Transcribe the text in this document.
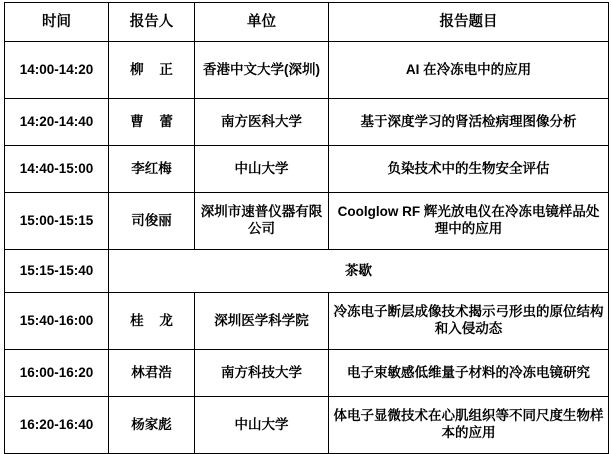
时间	报告人	单位	报告题目
14:00-14:20	柳 正	香港中文大学(深圳)	AI 在冷冻电中的应用
14:20-14:40	曹 蕾	南方医科大学	基于深度学习的肾活检病理图像分析
14:40-15:00	李红梅	中山大学	负染技术中的生物安全评估
15:00-15:15	司俊丽	深圳市速普仪器有限公司	Coolglow RF 辉光放电仪在冷冻电镜样品处理中的应用
15:15-15:40	茶歇		
15:40-16:00	桂 龙	深圳医学科学院	冷冻电子断层成像技术揭示弓形虫的原位结构和入侵动态
16:00-16:20	林君浩	南方科技大学	电子束敏感低维量子材料的冷冻电镜研究
16:20-16:40	杨家彪	中山大学	体电子显微技术在心肌组织等不同尺度生物样本的应用
